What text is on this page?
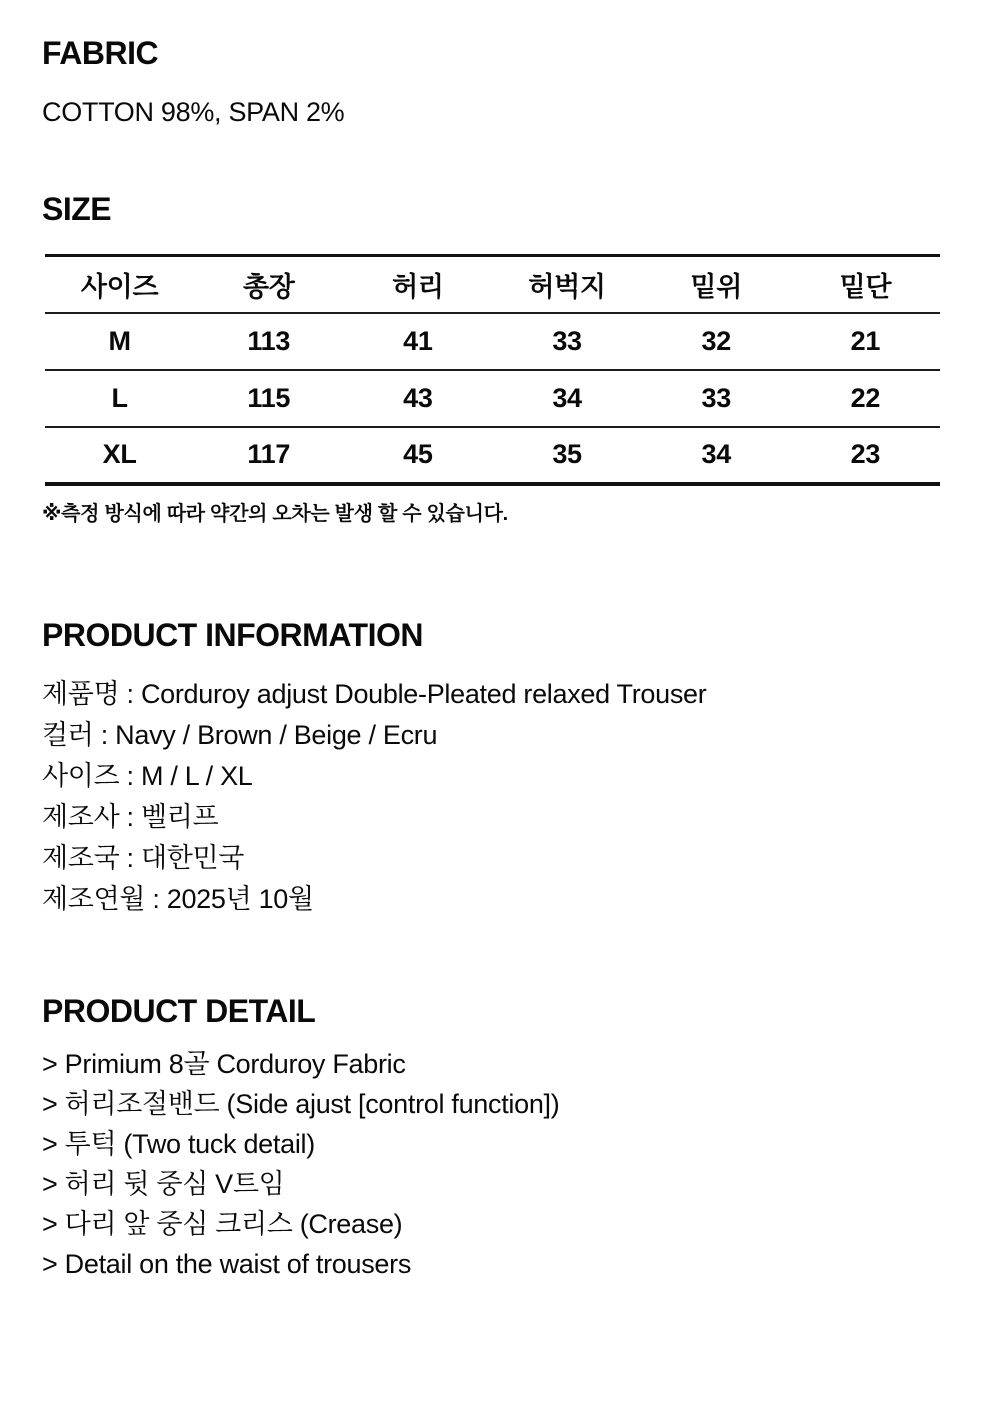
FABRIC

COTTON 98%, SPAN 2%

SIZE
사이즈	총장	허리	허벅지	밑위	밑단
M	113	41	33	32	21
L	115	43	34	33	22
XL	117	45	35	34	23

※측정 방식에 따라 약간의 오차는 발생 할 수 있습니다.

PRODUCT INFORMATION
제품명 : Corduroy adjust Double-Pleated relaxed Trouser
컬러 : Navy / Brown / Beige / Ecru
사이즈 : M / L / XL
제조사 : 벨리프
제조국 : 대한민국
제조연월 : 2025년 10월
PRODUCT DETAIL
> Primium 8골 Corduroy Fabric
> 허리조절밴드 (Side ajust [control function])
> 투턱 (Two tuck detail)
> 허리 뒷 중심 V트임
> 다리 앞 중심 크리스 (Crease)
> Detail on the waist of trousers
